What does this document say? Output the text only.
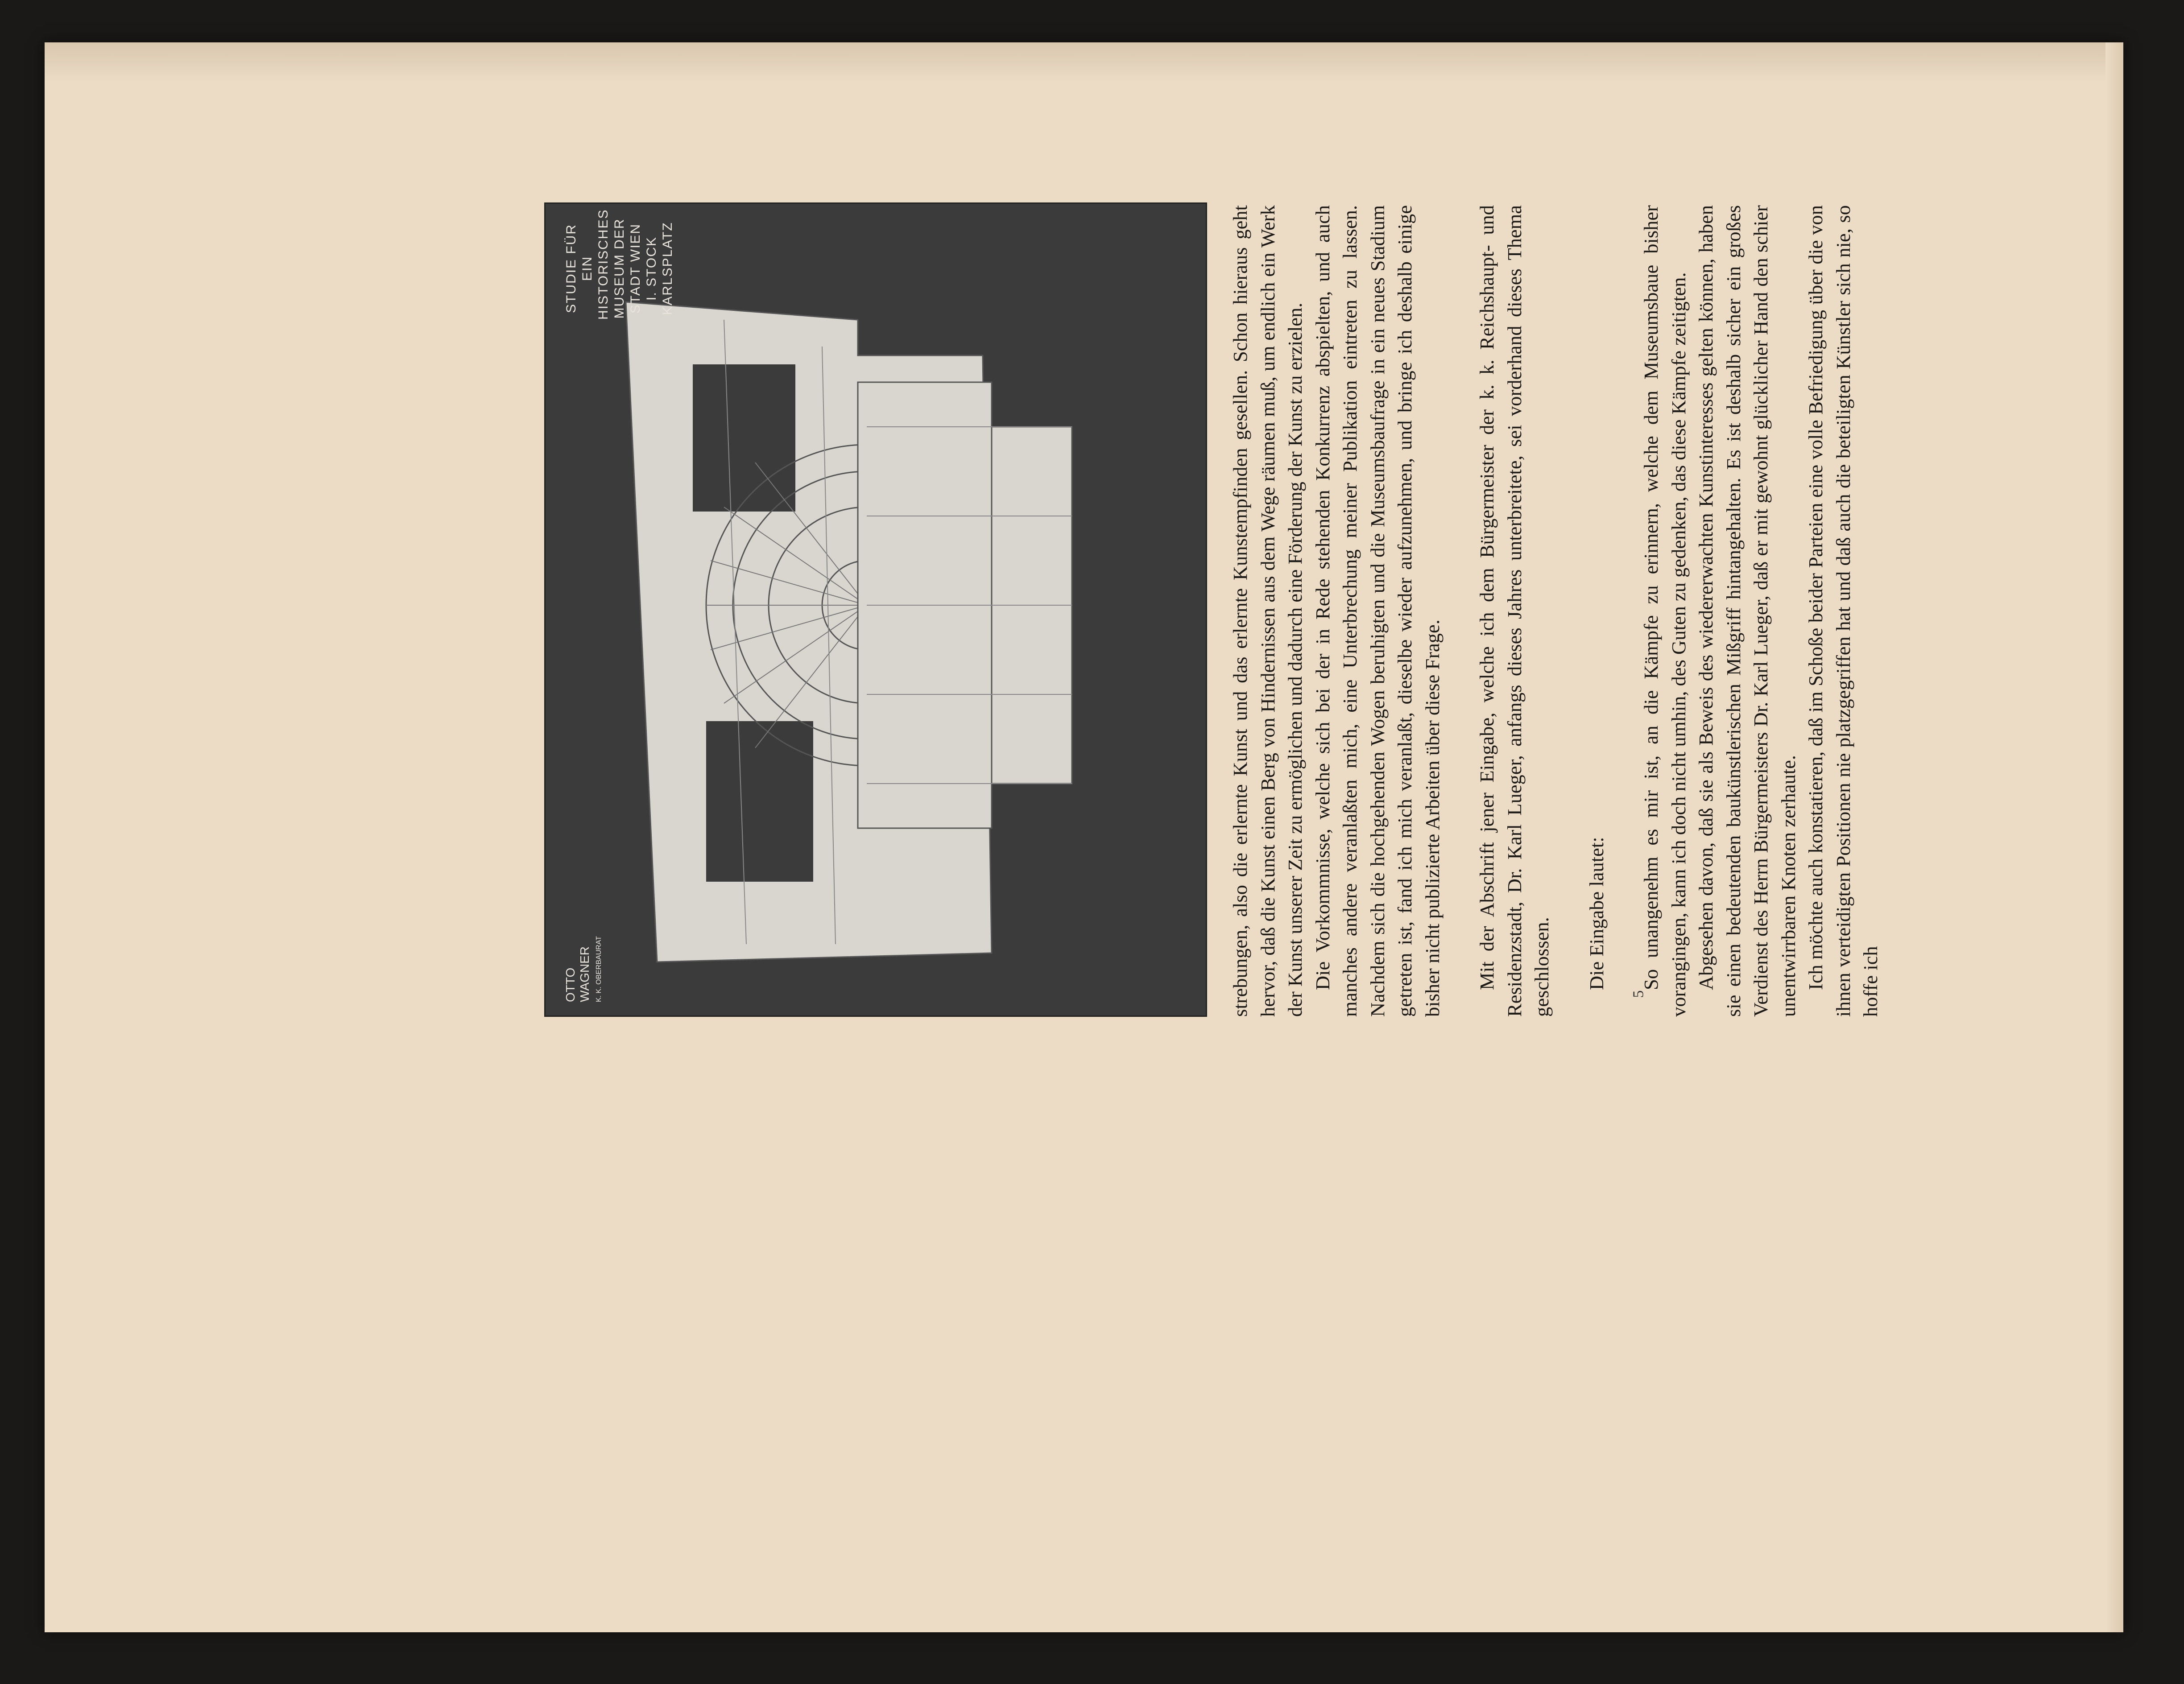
STUDIE FÜR EIN HISTORISCHES MUSEUM DER STADT WIEN I. STOCK KARLSPLATZ
OTTO WAGNER K. K. OBERBAURAT	strebungen, also die erlernte Kunst und das erlernte Kunstempfinden gesellen. Schon hieraus geht hervor, daß die Kunst einen Berg von Hindernissen aus dem Wege räumen muß, um endlich ein Werk der Kunst unserer Zeit zu ermöglichen und dadurch eine Förderung der Kunst zu erzielen. Die Vorkommnisse, welche sich bei der in Rede stehenden Konkurrenz abspielten, und auch manches andere veranlaßten mich, eine Unterbrechung meiner Publikation eintreten zu lassen. Nachdem sich die hochgehenden Wogen beruhigten und die Museumsbaufrage in ein neues Stadium getreten ist, fand ich mich veranlaßt, dieselbe wieder aufzunehmen, und bringe ich deshalb einige bisher nicht publizierte Arbeiten über diese Frage. Mit der Abschrift jener Eingabe, welche ich dem Bürgermeister der k. k. Reichshaupt- und Residenzstadt, Dr. Karl Lueger, anfangs dieses Jahres unterbreitete, sei vorderhand dieses Thema geschlossen. Die Eingabe lautet: So unangenehm es mir ist, an die Kämpfe zu erinnern, welche dem Museumsbaue bisher vorangingen, kann ich doch nicht umhin, des Guten zu gedenken, das diese Kämpfe zeitigten. Abgesehen davon, daß sie als Beweis des wiedererwachten Kunstinteresses gelten können, haben sie einen bedeutenden baukünstlerischen Mißgriff hintangehalten. Es ist deshalb sicher ein großes Verdienst des Herrn Bürgermeisters Dr. Karl Lueger, daß er mit gewohnt glücklicher Hand den schier unentwirrbaren Knoten zerhaute. Ich möchte auch konstatieren, daß im Schoße beider Parteien eine volle Befriedigung über die von ihnen verteidigten Positionen nie platzgegriffen hat und daß auch die beteiligten Künstler sich nie, so hoffe ich

5
